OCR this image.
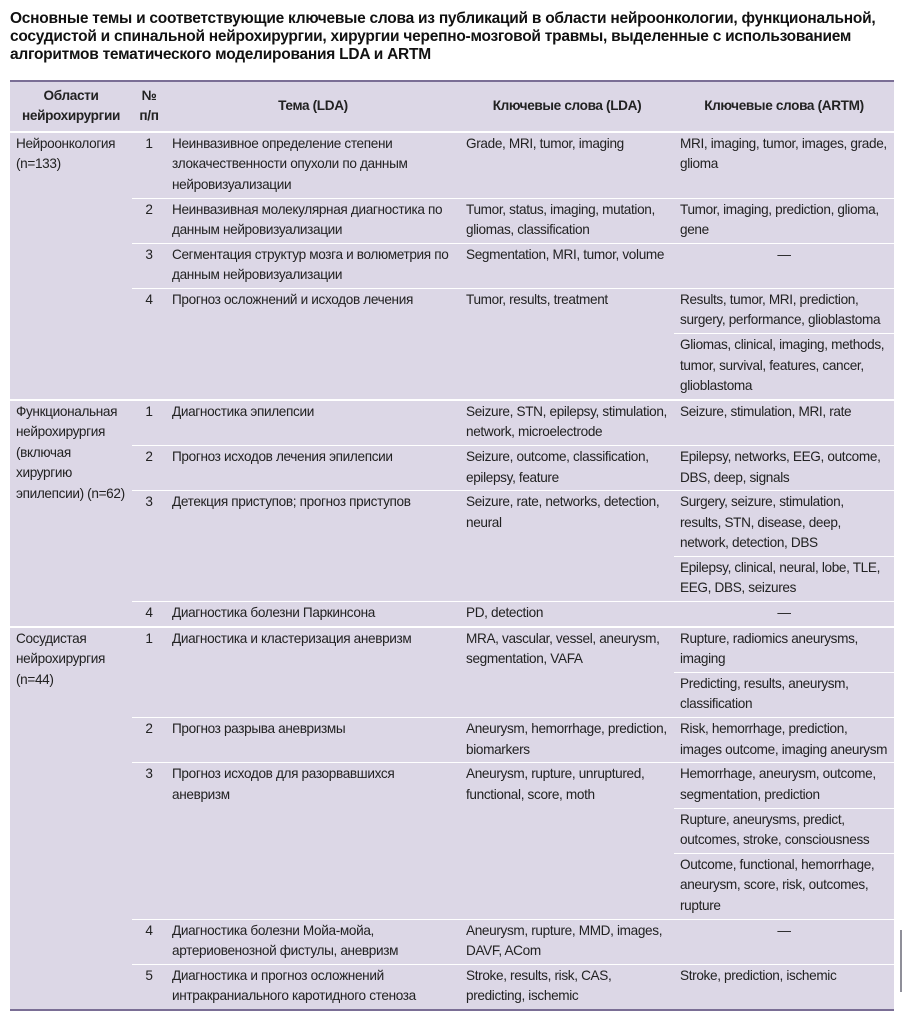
Основные темы и соответствующие ключевые слова из публикаций в области нейроонкологии, функциональной, сосудистой и спинальной нейрохирургии, хирургии черепно-мозговой травмы, выделенные с использованием алгоритмов тематического моделирования LDA и ARTM
Области нейрохирургии	№ п/п	Тема (LDA)	Ключевые слова (LDA)	Ключевые слова (ARTM)
Нейроонкология (n=133)	1	Неинвазивное определение степени злокачественности опухоли по данным нейровизуализации	Grade, MRI, tumor, imaging	MRI, imaging, tumor, images, grade, glioma
	2	Неинвазивная молекулярная диагностика по данным нейровизуализации	Tumor, status, imaging, mutation, gliomas, classification	Tumor, imaging, prediction, glioma, gene
	3	Сегментация структур мозга и волюметрия по данным нейровизуализации	Segmentation, MRI, tumor, volume	—
	4	Прогноз осложнений и исходов лечения	Tumor, results, treatment	Results, tumor, MRI, prediction, surgery, performance, glioblastoma
				Gliomas, clinical, imaging, methods, tumor, survival, features, cancer, glioblastoma
Функциональная нейрохирургия (включая хирургию эпилепсии) (n=62)	1	Диагностика эпилепсии	Seizure, STN, epilepsy, stimulation, network, microelectrode	Seizure, stimulation, MRI, rate
	2	Прогноз исходов лечения эпилепсии	Seizure, outcome, classification, epilepsy, feature	Epilepsy, networks, EEG, outcome, DBS, deep, signals
	3	Детекция приступов; прогноз приступов	Seizure, rate, networks, detection, neural	Surgery, seizure, stimulation, results, STN, disease, deep, network, detection, DBS
				Epilepsy, clinical, neural, lobe, TLE, EEG, DBS, seizures
	4	Диагностика болезни Паркинсона	PD, detection	—
Сосудистая нейрохирургия (n=44)	1	Диагностика и кластеризация аневризм	MRA, vascular, vessel, aneurysm, segmentation, VAFA	Rupture, radiomics aneurysms, imaging
				Predicting, results, aneurysm, classification
	2	Прогноз разрыва аневризмы	Aneurysm, hemorrhage, prediction, biomarkers	Risk, hemorrhage, prediction, images outcome, imaging aneurysm
	3	Прогноз исходов для разорвавшихся аневризм	Aneurysm, rupture, unruptured, functional, score, moth	Hemorrhage, aneurysm, outcome, segmentation, prediction
				Rupture, aneurysms, predict, outcomes, stroke, consciousness
				Outcome, functional, hemorrhage, aneurysm, score, risk, outcomes, rupture
	4	Диагностика болезни Мойа-мойа, артериовенозной фистулы, аневризм	Aneurysm, rupture, MMD, images, DAVF, ACom	—
	5	Диагностика и прогноз осложнений интракраниального каротидного стеноза	Stroke, results, risk, CAS, predicting, ischemic	Stroke, prediction, ischemic
